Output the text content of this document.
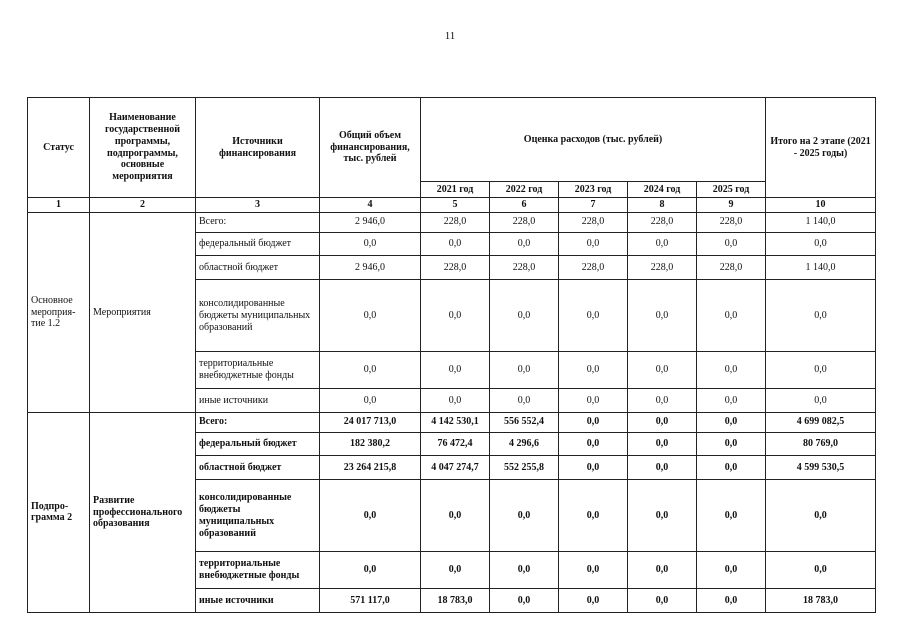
11
Статус	Наименование государственной программы, подпрограммы, основные мероприятия	Источники финансирования	Общий объем финансирования, тыс. рублей	Оценка расходов (тыс. рублей)					Итого на 2 этапе (2021 - 2025 годы)
				2021 год	2022 год	2023 год	2024 год	2025 год	
1	2	3	4	5	6	7	8	9	10
Основное мероприя-тие 1.2	Мероприятия	Всего:	2 946,0	228,0	228,0	228,0	228,0	228,0	1 140,0
		федеральный бюджет	0,0	0,0	0,0	0,0	0,0	0,0	0,0
		областной бюджет	2 946,0	228,0	228,0	228,0	228,0	228,0	1 140,0
		консолидированные бюджеты муниципальных образований	0,0	0,0	0,0	0,0	0,0	0,0	0,0
		территориальные внебюджетные фонды	0,0	0,0	0,0	0,0	0,0	0,0	0,0
		иные источники	0,0	0,0	0,0	0,0	0,0	0,0	0,0
Подпро-грамма 2	Развитие профессионального образования	Всего:	24 017 713,0	4 142 530,1	556 552,4	0,0	0,0	0,0	4 699 082,5
		федеральный бюджет	182 380,2	76 472,4	4 296,6	0,0	0,0	0,0	80 769,0
		областной бюджет	23 264 215,8	4 047 274,7	552 255,8	0,0	0,0	0,0	4 599 530,5
		консолидированные бюджеты муниципальных образований	0,0	0,0	0,0	0,0	0,0	0,0	0,0
		территориальные внебюджетные фонды	0,0	0,0	0,0	0,0	0,0	0,0	0,0
		иные источники	571 117,0	18 783,0	0,0	0,0	0,0	0,0	18 783,0
